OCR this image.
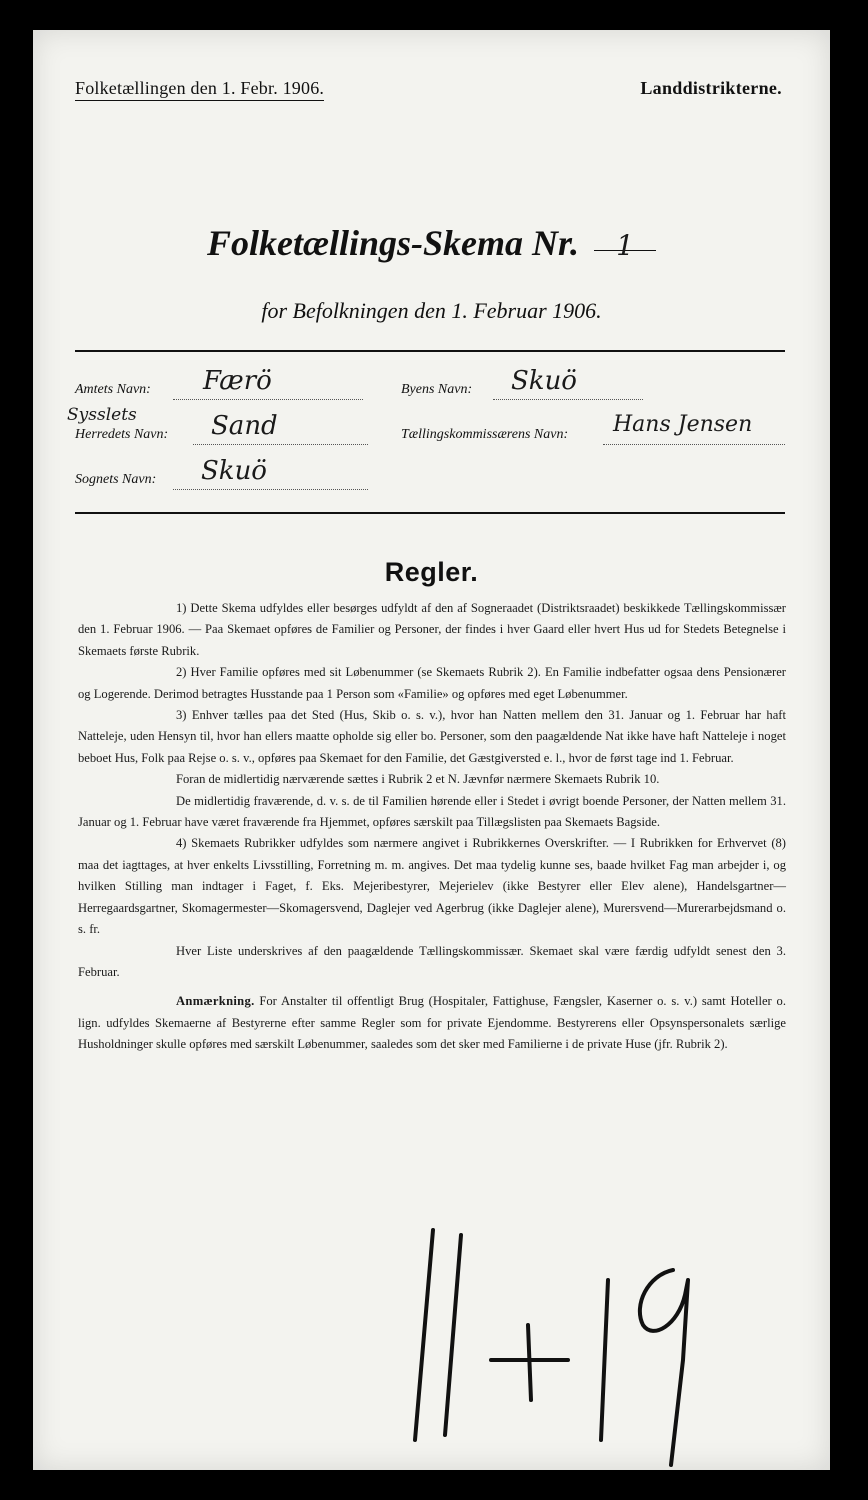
Folketællingen den 1. Febr. 1906.	Landdistrikterne.
Folketællings-Skema Nr. 1
for Befolkningen den 1. Februar 1906.
Amtets Navn: Færö
Sysslets
Herredets Navn: Sand
Sognets Navn: Skuö
Byens Navn: Skuö
Tællingskommissærens Navn: Hans Jensen
Regler.

1) Dette Skema udfyldes eller besørges udfyldt af den af Sogneraadet (Distriktsraadet) beskikkede Tællingskommissær den 1. Februar 1906. — Paa Skemaet opføres de Familier og Personer, der findes i hver Gaard eller hvert Hus ud for Stedets Betegnelse i Skemaets første Rubrik.

2) Hver Familie opføres med sit Løbenummer (se Skemaets Rubrik 2). En Familie indbefatter ogsaa dens Pensionærer og Logerende. Derimod betragtes Husstande paa 1 Person som «Familie» og opføres med eget Løbenummer.

3) Enhver tælles paa det Sted (Hus, Skib o. s. v.), hvor han Natten mellem den 31. Januar og 1. Februar har haft Natteleje, uden Hensyn til, hvor han ellers maatte opholde sig eller bo. Personer, som den paagældende Nat ikke have haft Natteleje i noget beboet Hus, Folk paa Rejse o. s. v., opføres paa Skemaet for den Familie, det Gæstgiversted e. l., hvor de først tage ind 1. Februar.

Foran de midlertidig nærværende sættes i Rubrik 2 et N. Jævnfør nærmere Skemaets Rubrik 10.

De midlertidig fraværende, d. v. s. de til Familien hørende eller i Stedet i øvrigt boende Personer, der Natten mellem 31. Januar og 1. Februar have været fraværende fra Hjemmet, opføres særskilt paa Tillægslisten paa Skemaets Bagside.

4) Skemaets Rubrikker udfyldes som nærmere angivet i Rubrikkernes Overskrifter. — I Rubrikken for Erhvervet (8) maa det iagttages, at hver enkelts Livsstilling, Forretning m. m. angives. Det maa tydelig kunne ses, baade hvilket Fag man arbejder i, og hvilken Stilling man indtager i Faget, f. Eks. Mejeribestyrer, Mejerielev (ikke Bestyrer eller Elev alene), Handelsgartner—Herregaardsgartner, Skomagermester—Skomagersvend, Daglejer ved Agerbrug (ikke Daglejer alene), Murersvend—Murerarbejdsmand o. s. fr.

Hver Liste underskrives af den paagældende Tællingskommissær. Skemaet skal være færdig udfyldt senest den 3. Februar.

Anmærkning. For Anstalter til offentligt Brug (Hospitaler, Fattighuse, Fængsler, Kaserner o. s. v.) samt Hoteller o. lign. udfyldes Skemaerne af Bestyrerne efter samme Regler som for private Ejendomme. Bestyrerens eller Opsynspersonalets særlige Husholdninger skulle opføres med særskilt Løbenummer, saaledes som det sker med Familierne i de private Huse (jfr. Rubrik 2).
